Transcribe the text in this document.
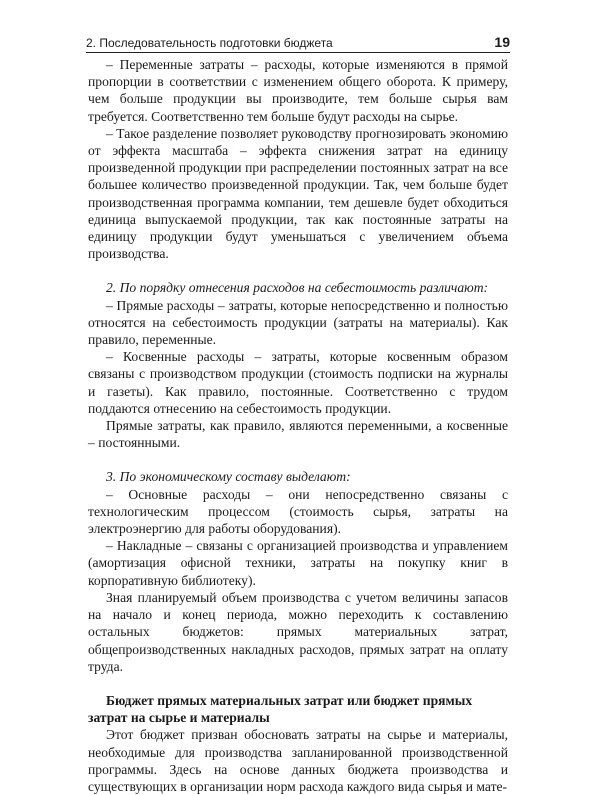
2. Последовательность подготовки бюджета	19

– Переменные затраты – расходы, которые изменяются в прямой пропорции в соответствии с изменением общего оборота. К примеру, чем больше продукции вы производите, тем больше сырья вам требуется. Соответственно тем больше будут расходы на сырье.

– Такое разделение позволяет руководству прогнозировать экономию от эффекта масштаба – эффекта снижения затрат на единицу произведенной продукции при распределении постоянных затрат на все большее количество произведенной продукции. Так, чем больше будет производственная программа компании, тем дешевле будет обходиться единица выпускаемой продукции, так как постоянные затраты на единицу продукции будут уменьшаться с увеличением объема производства.

2. По порядку отнесения расходов на себестоимость различают:

– Прямые расходы – затраты, которые непосредственно и полностью относятся на себестоимость продукции (затраты на материалы). Как правило, переменные.

– Косвенные расходы – затраты, которые косвенным образом связаны с производством продукции (стоимость подписки на журналы и газеты). Как правило, постоянные. Соответственно с трудом поддаются отнесению на себестоимость продукции.

Прямые затраты, как правило, являются переменными, а косвенные – постоянными.

3. По экономическому составу выделают:

– Основные расходы – они непосредственно связаны с технологическим процессом (стоимость сырья, затраты на электроэнергию для работы оборудования).

– Накладные – связаны с организацией производства и управлением (амортизация офисной техники, затраты на покупку книг в корпоративную библиотеку).

Зная планируемый объем производства с учетом величины запасов на начало и конец периода, можно переходить к составлению остальных бюджетов: прямых материальных затрат, общепроизводственных накладных расходов, прямых затрат на оплату труда.

Бюджет прямых материальных затрат или бюджет прямых затрат на сырье и материалы

Этот бюджет призван обосновать затраты на сырье и материалы, необходимые для производства запланированной производственной программы. Здесь на основе данных бюджета производства и существующих в организации норм расхода каждого вида сырья и мате-
